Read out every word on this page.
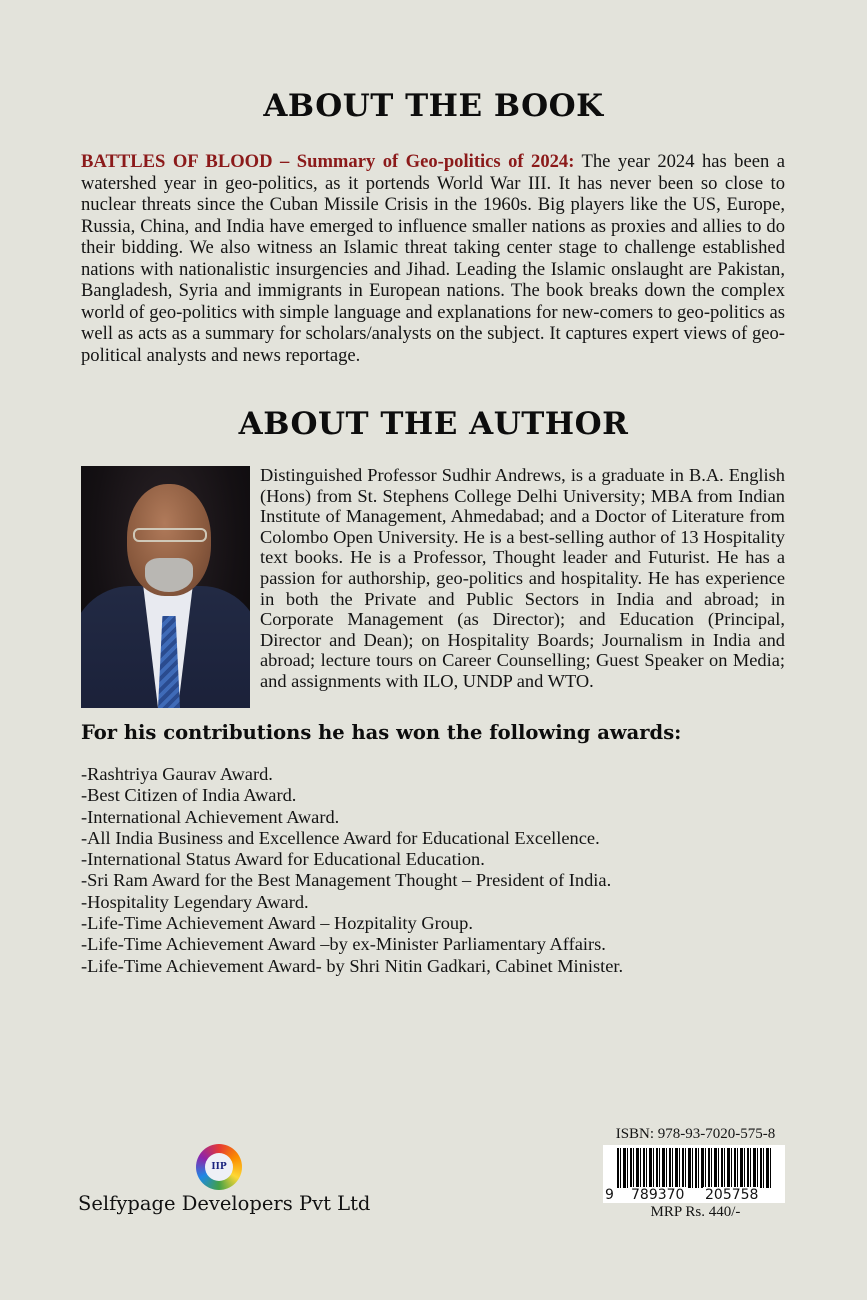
ABOUT THE BOOK

BATTLES OF BLOOD – Summary of Geo-politics of 2024: The year 2024 has been a watershed year in geo-politics, as it portends World War III. It has never been so close to nuclear threats since the Cuban Missile Crisis in the 1960s. Big players like the US, Europe, Russia, China, and India have emerged to influence smaller nations as proxies and allies to do their bidding. We also witness an Islamic threat taking center stage to challenge established nations with nationalistic insurgencies and Jihad. Leading the Islamic onslaught are Pakistan, Bangladesh, Syria and immigrants in European nations. The book breaks down the complex world of geo-politics with simple language and explanations for new-comers to geo-politics as well as acts as a summary for scholars/analysts on the subject. It captures expert views of geo-political analysts and news reportage.

ABOUT THE AUTHOR

Distinguished Professor Sudhir Andrews, is a graduate in B.A. English (Hons) from St. Stephens College Delhi University; MBA from Indian Institute of Management, Ahmedabad; and a Doctor of Literature from Colombo Open University. He is a best-selling author of 13 Hospitality text books. He is a Professor, Thought leader and Futurist. He has a passion for authorship, geo-politics and hospitality. He has experience in both the Private and Public Sectors in India and abroad; in Corporate Management (as Director); and Education (Principal, Director and Dean); on Hospitality Boards; Journalism in India and abroad; lecture tours on Career Counselling; Guest Speaker on Media; and assignments with ILO, UNDP and WTO.

For his contributions he has won the following awards:
-Rashtriya Gaurav Award.
-Best Citizen of India Award.
-International Achievement Award.
-All India Business and Excellence Award for Educational Excellence.
-International Status Award for Educational Education.
-Sri Ram Award for the Best Management Thought – President of India.
-Hospitality Legendary Award.
-Life-Time Achievement Award – Hozpitality Group.
-Life-Time Achievement Award –by ex-Minister Parliamentary Affairs.
-Life-Time Achievement Award- by Shri Nitin Gadkari, Cabinet Minister.
IIP
Selfypage Developers Pvt Ltd

ISBN: 978-93-7020-575-8

9 789370 205758

MRP Rs. 440/-
